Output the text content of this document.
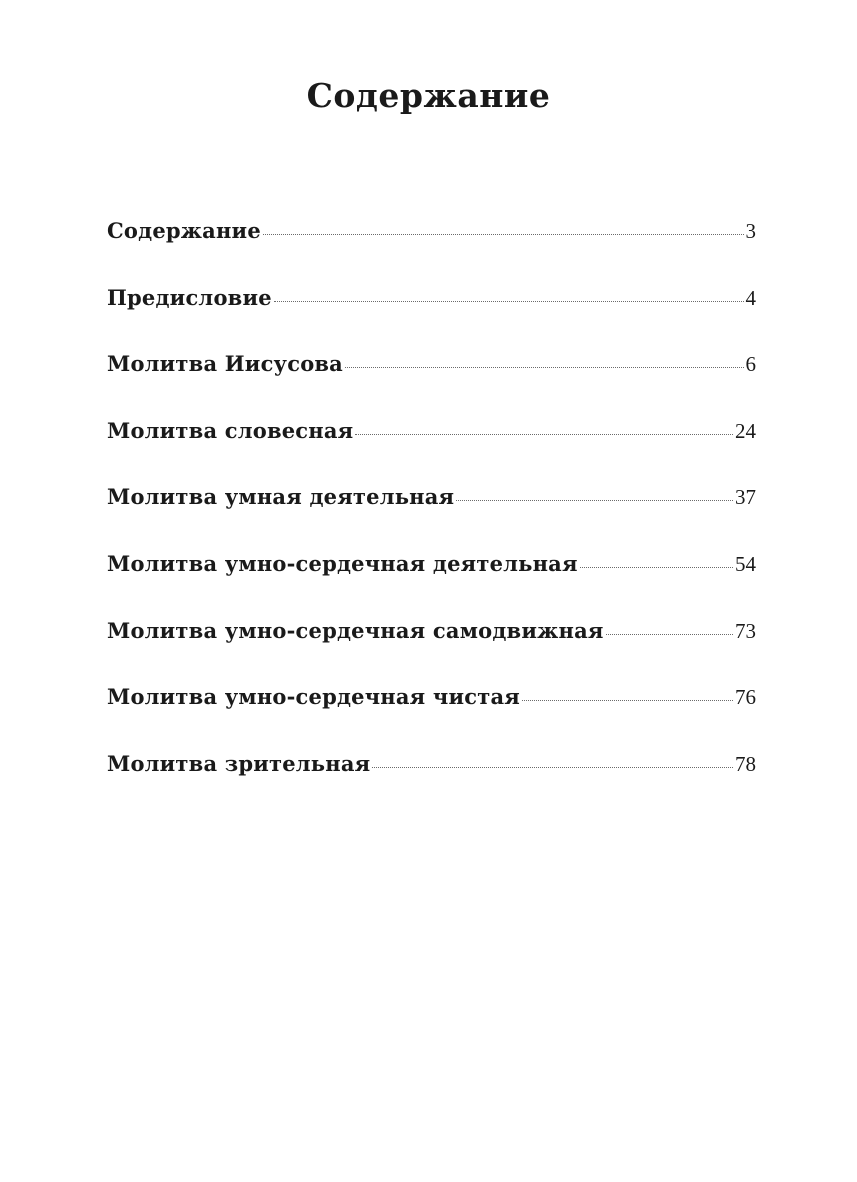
Содержание
Содержание	3
Предисловие	4
Молитва Иисусова	6
Молитва словесная	24
Молитва умная деятельная	37
Молитва умно-сердечная деятельная	54
Молитва умно-сердечная самодвижная	73
Молитва умно-сердечная чистая	76
Молитва зрительная	78
